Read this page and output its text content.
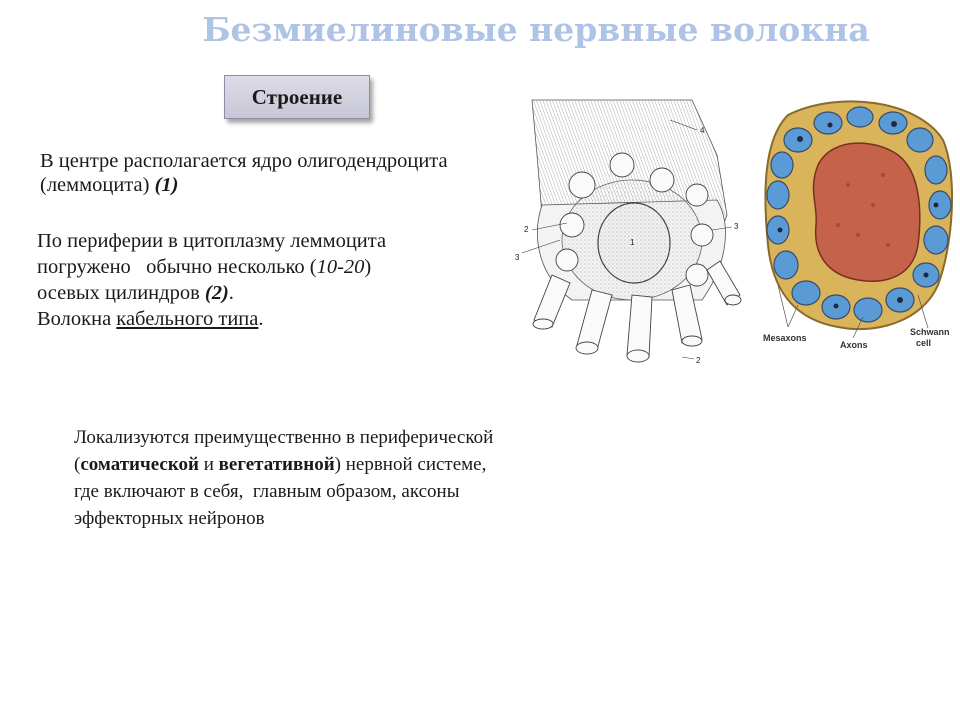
Безмиелиновые нервные волокна
Строение
В центре располагается ядро олигодендроцита (леммоцита) (1)
По периферии в цитоплазму леммоцита
погружено   обычно несколько (10-20)
осевых цилиндров (2).
Волокна кабельного типа.
Локализуются преимущественно в периферической      (соматической и вегетативной) нервной системе,  где включают в себя,  главным образом, аксоны эффекторных нейронов
4
1
2
2
3
3
Mesaxons
Axons
Schwann
cell
